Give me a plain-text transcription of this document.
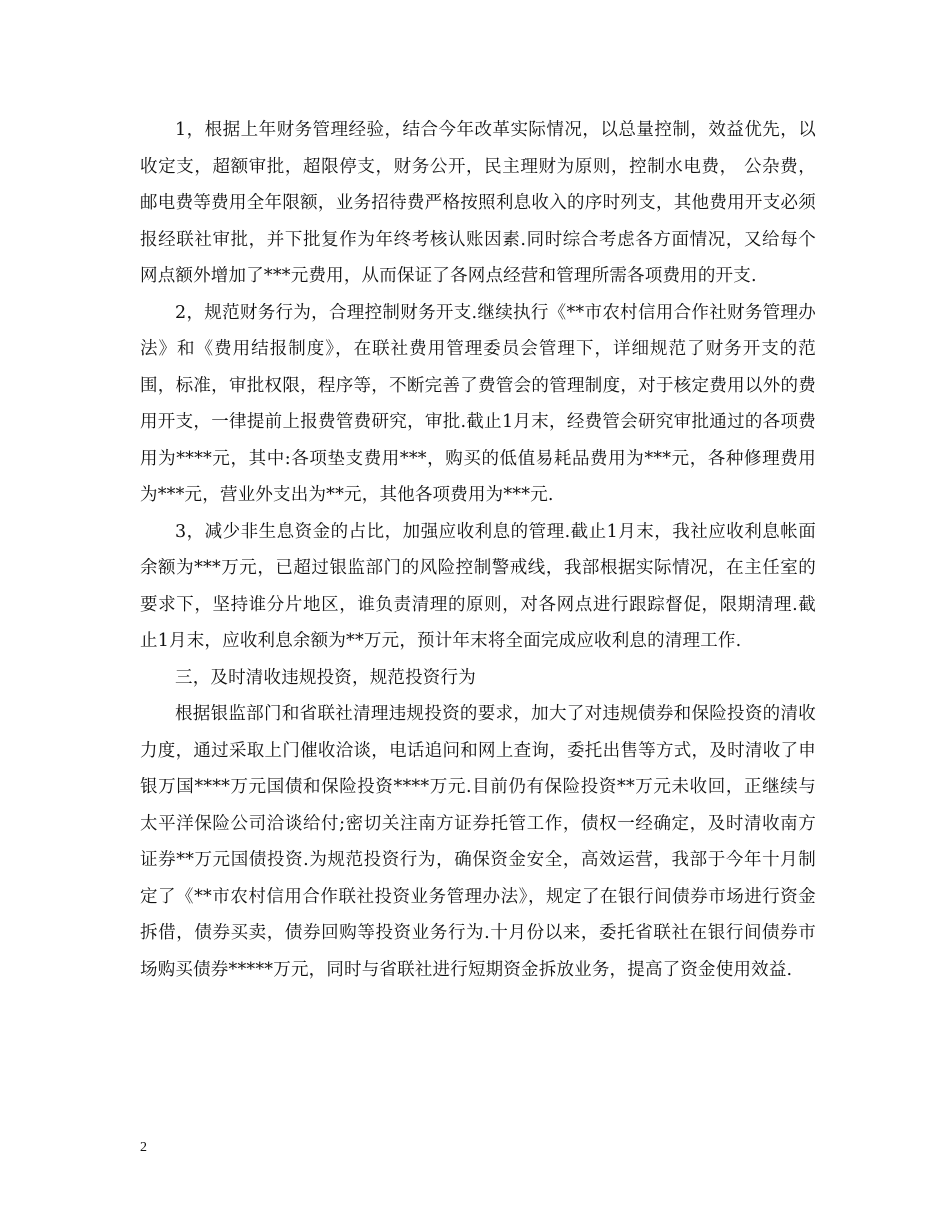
1，根据上年财务管理经验，结合今年改革实际情况，以总量控制，效益优先，以收定支，超额审批，超限停支，财务公开，民主理财为原则，控制水电费， 公杂费，邮电费等费用全年限额，业务招待费严格按照利息收入的序时列支，其他费用开支必须报经联社审批，并下批复作为年终考核认账因素.同时综合考虑各方面情况，又给每个网点额外增加了***元费用，从而保证了各网点经营和管理所需各项费用的开支.

2，规范财务行为，合理控制财务开支.继续执行《**市农村信用合作社财务管理办法》和《费用结报制度》，在联社费用管理委员会管理下，详细规范了财务开支的范围，标准，审批权限，程序等，不断完善了费管会的管理制度，对于核定费用以外的费用开支，一律提前上报费管费研究，审批.截止1月末，经费管会研究审批通过的各项费用为****元，其中:各项垫支费用***，购买的低值易耗品费用为***元，各种修理费用为***元，营业外支出为**元，其他各项费用为***元.

3，减少非生息资金的占比，加强应收利息的管理.截止1月末，我社应收利息帐面余额为***万元，已超过银监部门的风险控制警戒线，我部根据实际情况，在主任室的要求下，坚持谁分片地区，谁负责清理的原则，对各网点进行跟踪督促，限期清理.截止1月末，应收利息余额为**万元，预计年末将全面完成应收利息的清理工作.

三，及时清收违规投资，规范投资行为

根据银监部门和省联社清理违规投资的要求，加大了对违规债券和保险投资的清收力度，通过采取上门催收洽谈，电话追问和网上查询，委托出售等方式，及时清收了申银万国****万元国债和保险投资****万元.目前仍有保险投资**万元未收回，正继续与太平洋保险公司洽谈给付;密切关注南方证券托管工作，债权一经确定，及时清收南方证券**万元国债投资.为规范投资行为，确保资金安全，高效运营，我部于今年十月制定了《**市农村信用合作联社投资业务管理办法》，规定了在银行间债券市场进行资金拆借，债券买卖，债券回购等投资业务行为.十月份以来，委托省联社在银行间债券市场购买债券*****万元，同时与省联社进行短期资金拆放业务，提高了资金使用效益.

2
